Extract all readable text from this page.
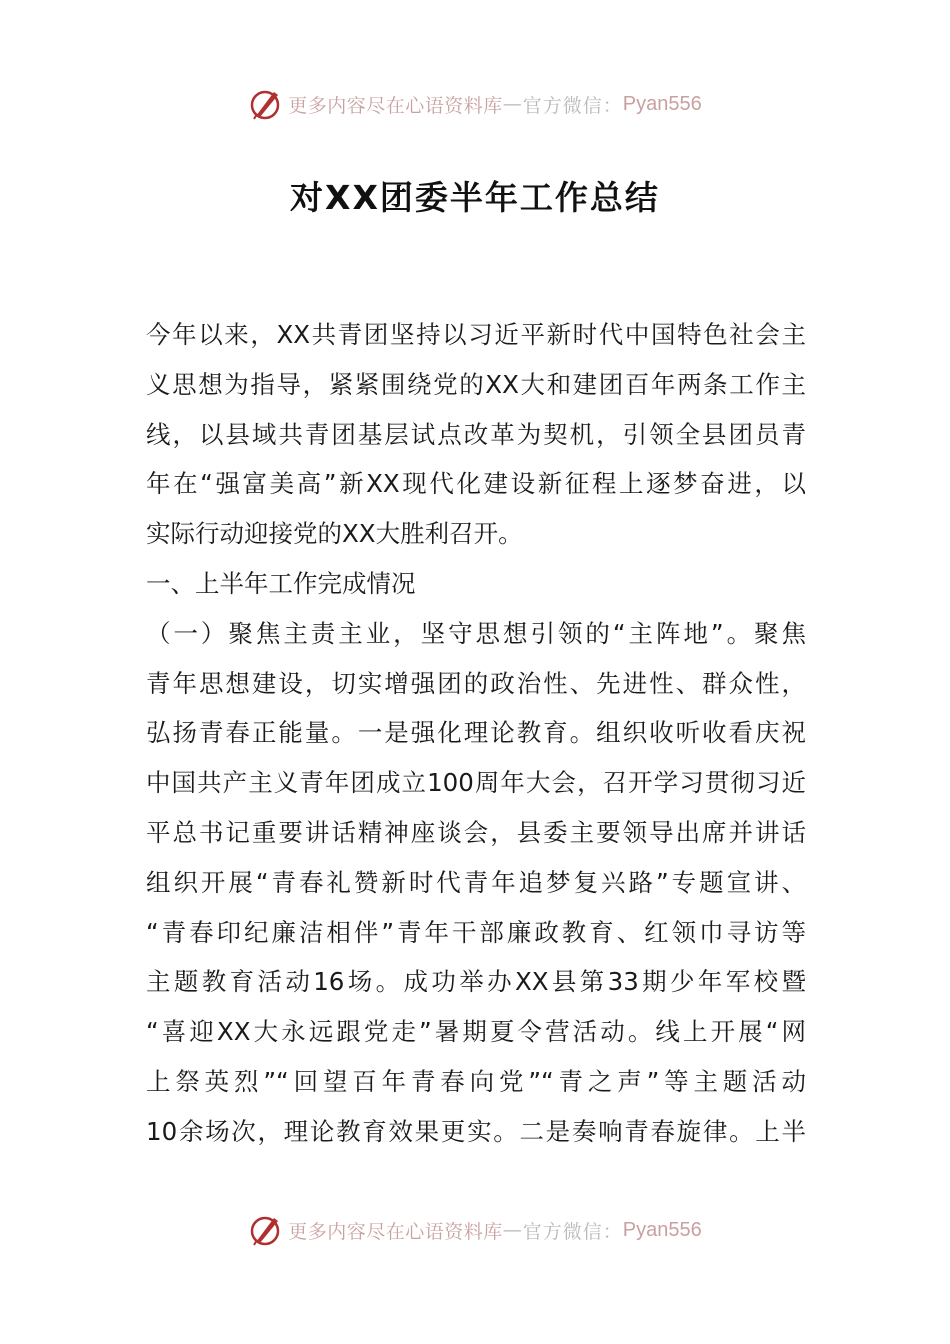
更多内容尽在心语资料库 — 官方微信： Pyan556
对XX团委半年工作总结
今年以来，XX共青团坚持以习近平新时代中国特色社会主
义思想为指导，紧紧围绕党的XX大和建团百年两条工作主
线，以县域共青团基层试点改革为契机，引领全县团员青
年在“强富美高”新XX现代化建设新征程上逐梦奋进，以
实际行动迎接党的XX大胜利召开。
一、上半年工作完成情况
（一）聚焦主责主业，坚守思想引领的“主阵地”。聚焦
青年思想建设，切实增强团的政治性、先进性、群众性，
弘扬青春正能量。一是强化理论教育。组织收听收看庆祝
中国共产主义青年团成立100周年大会，召开学习贯彻习近
平总书记重要讲话精神座谈会，县委主要领导出席并讲话
组织开展“青春礼赞新时代青年追梦复兴路”专题宣讲、
“青春印纪廉洁相伴”青年干部廉政教育、红领巾寻访等
主题教育活动16场。成功举办XX县第33期少年军校暨
“喜迎XX大永远跟党走”暑期夏令营活动。线上开展“网
上祭英烈”“回望百年青春向党”“青之声”等主题活动
10余场次，理论教育效果更实。二是奏响青春旋律。上半
更多内容尽在心语资料库 — 官方微信： Pyan556
